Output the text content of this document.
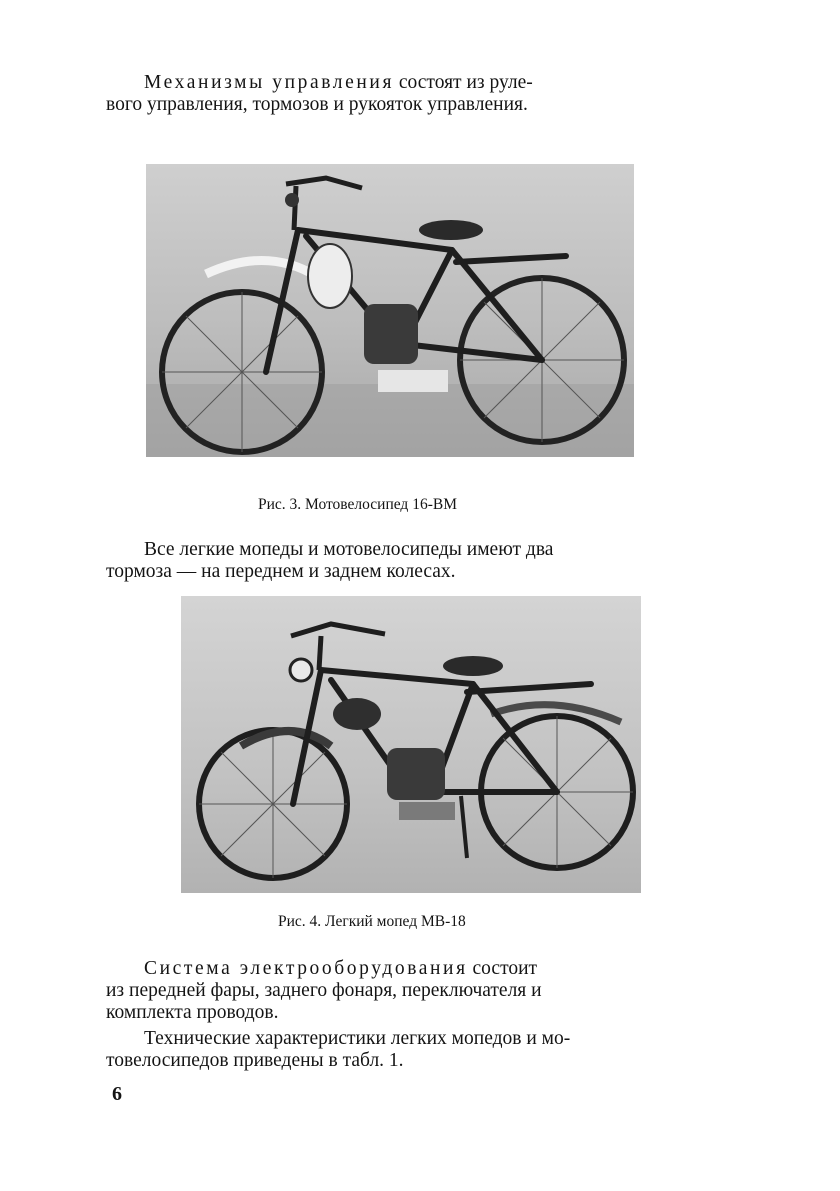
Механизмы управления состоят из руле-
вого управления, тормозов и рукояток управления.
Рис. 3. Мотовелосипед 16-ВМ
Все легкие мопеды и мотовелосипеды имеют два
тормоза — на переднем и заднем колесах.
Рис. 4. Легкий мопед МВ-18
Система электрооборудования состоит
из передней фары, заднего фонаря, переключателя и
комплекта проводов.
Технические характеристики легких мопедов и мо-
товелосипедов приведены в табл. 1.
6
